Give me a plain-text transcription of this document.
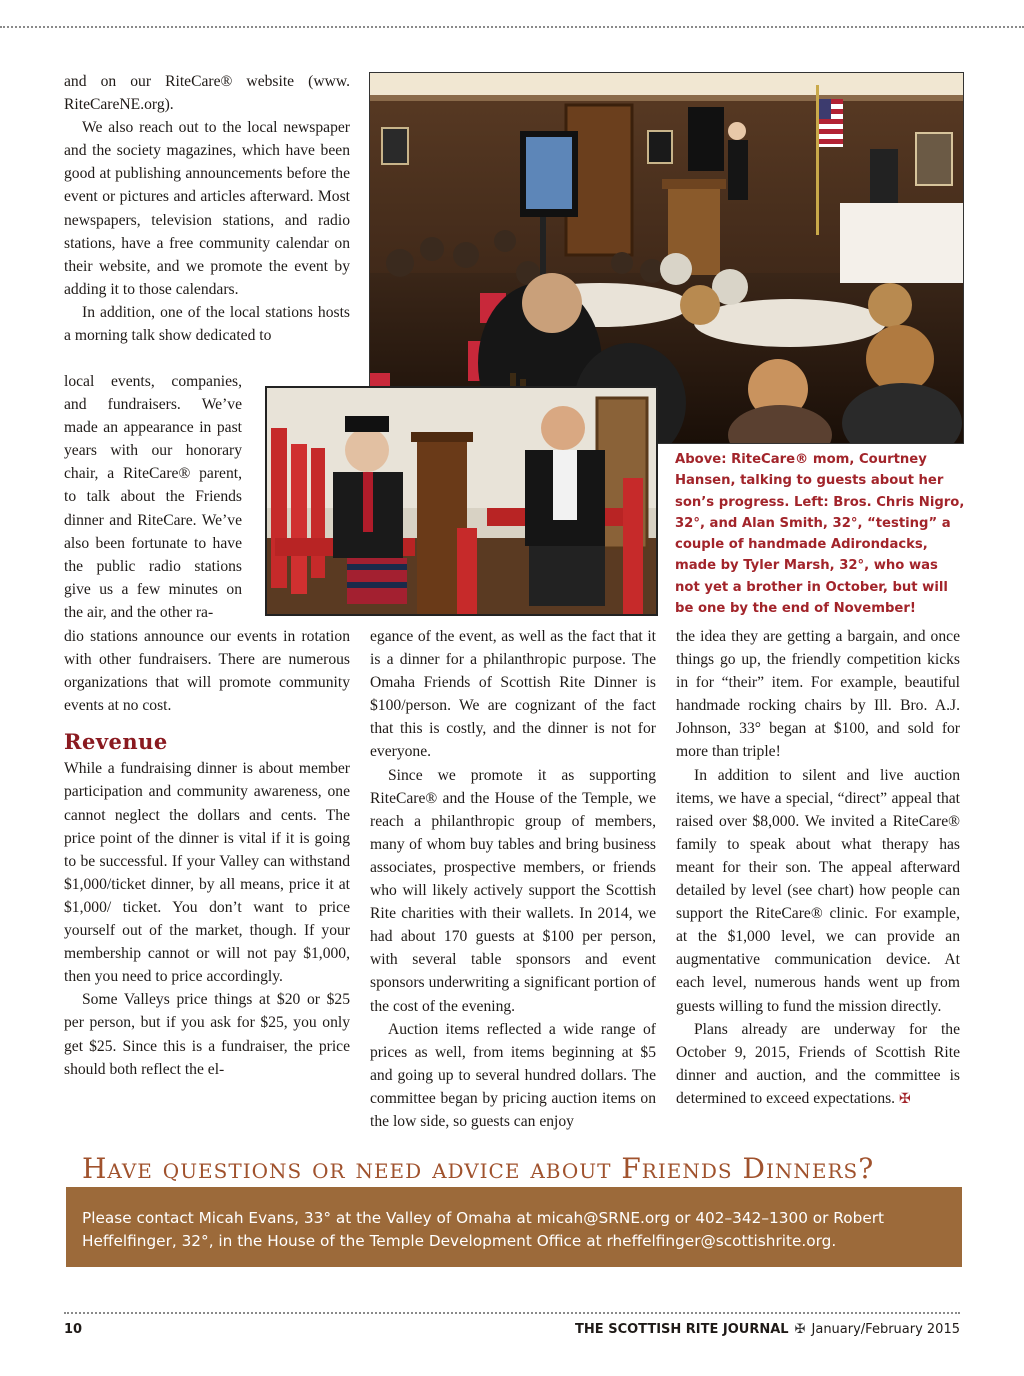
and on our RiteCare® website (www. RiteCareNE.org).

We also reach out to the local newspaper and the society magazines, which have been good at publishing announcements before the event or pictures and articles afterward. Most newspapers, television stations, and radio stations, have a free community calendar on their website, and we promote the event by adding it to those calendars.

In addition, one of the local stations hosts a morning talk show dedicated to

local events, companies, and fundraisers. We’ve made an appearance in past years with our honorary chair, a RiteCare® parent, to talk about the Friends dinner and RiteCare. We’ve also been fortunate to have the public radio stations give us a few minutes on the air, and the other ra-

dio stations announce our events in rotation with other fundraisers. There are numerous organizations that will promote community events at no cost.

Revenue

While a fundraising dinner is about member participation and community awareness, one cannot neglect the dollars and cents. The price point of the dinner is vital if it is going to be successful. If your Valley can withstand $1,000/ticket dinner, by all means, price it at $1,000/ ticket. You don’t want to price yourself out of the market, though. If your membership cannot or will not pay $1,000, then you need to price accordingly.

Some Valleys price things at $20 or $25 per person, but if you ask for $25, you only get $25. Since this is a fundraiser, the price should both reflect the el-

egance of the event, as well as the fact that it is a dinner for a philanthropic purpose. The Omaha Friends of Scottish Rite Dinner is $100/person. We are cognizant of the fact that this is costly, and the dinner is not for everyone.

Since we promote it as supporting RiteCare® and the House of the Temple, we reach a philanthropic group of members, many of whom buy tables and bring business associates, prospective members, or friends who will likely actively support the Scottish Rite charities with their wallets. In 2014, we had about 170 guests at $100 per person, with several table sponsors and event sponsors underwriting a significant portion of the cost of the evening.

Auction items reflected a wide range of prices as well, from items beginning at $5 and going up to several hundred dollars. The committee began by pricing auction items on the low side, so guests can enjoy

the idea they are getting a bargain, and once things go up, the friendly competition kicks in for “their” item. For example, beautiful handmade rocking chairs by Ill. Bro. A.J. Johnson, 33° began at $100, and sold for more than triple!

In addition to silent and live auction items, we have a special, “direct” appeal that raised over $8,000. We invited a RiteCare® family to speak about what therapy has meant for their son. The appeal afterward detailed by level (see chart) how people can support the RiteCare® clinic. For example, at the $1,000 level, we can provide an augmentative communication device. At each level, numerous hands went up from guests willing to fund the mission directly.

Plans already are underway for the October 9, 2015, Friends of Scottish Rite dinner and auction, and the committee is determined to exceed expectations. ✠

Above: RiteCare® mom, Courtney Hansen, talking to guests about her son’s progress. Left: Bros. Chris Nigro, 32°, and Alan Smith, 32°, “testing” a couple of handmade Adirondacks, made by Tyler Marsh, 32°, who was not yet a brother in October, but will be one by the end of November!
Have questions or need advice about Friends Dinners?
Please contact Micah Evans, 33° at the Valley of Omaha at micah@SRNE.org or 402–342–1300 or Robert Heffelfinger, 32°, in the House of the Temple Development Office at rheffelfinger@scottishrite.org.
10	THE SCOTTISH RITE JOURNAL ✠ January/February 2015
